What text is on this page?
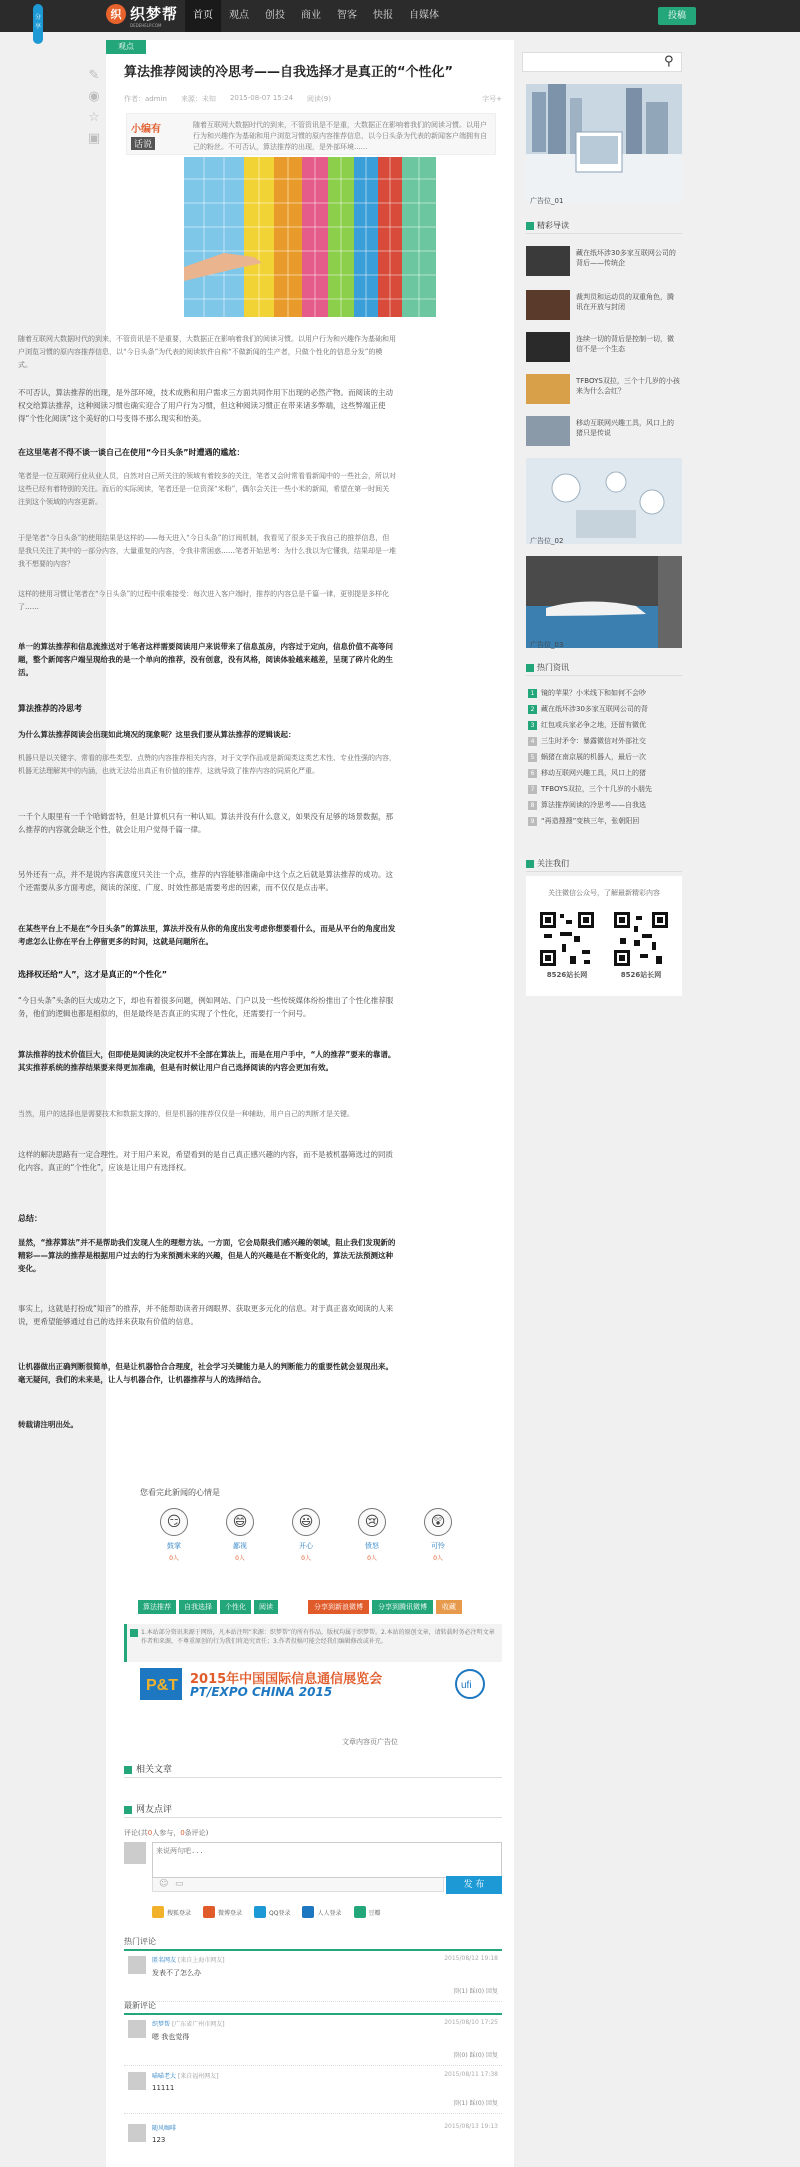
织 织梦帮
DEDEHELP.COM
首页	观点	创投	商业	智客	快报	自媒体	投稿
分享
✎
◉
☆
▣
观点
算法推荐阅读的冷思考——自我选择才是真正的“个性化”
作者：admin 来源：未知 2015-08-07 15:24 阅读(9)	字号+
小编有
话说
随着互联网大数据时代的到来，不管资讯是不是重，大数据正在影响着我们的阅读习惯。以用户行为和兴趣作为基础和用户浏览习惯的原内容推荐信息，以今日头条为代表的新闻客户端拥有自己的粉丝。不可否认，算法推荐的出现，是外部环境......
随着互联网大数据时代的到来，不管资讯是不是重要，大数据正在影响着我们的阅读习惯。以用户行为和兴趣作为基础和用户浏览习惯的原内容推荐信息，以“今日头条”为代表的阅读软件自称“不做新闻的生产者，只做个性化的信息分发”的模式。
不可否认，算法推荐的出现，是外部环境，技术成熟和用户需求三方面共同作用下出现的必然产物。而阅读的主动权交给算法推荐，这种阅读习惯也确实迎合了用户行为习惯，但这种阅读习惯正在带来诸多弊端，这些弊端正使得“个性化阅读”这个美好的口号变得不那么现实和怡美。
在这里笔者不得不谈一谈自己在使用“今日头条”时遭遇的尴尬：
笔者是一位互联网行业从业人员，自然对自己所关注的领域有着较多的关注，笔者又会时常看看新闻中的一些社会，所以对这些已经有着特别的关注。而后的实际阅读，笔者还是一位资深“米粉”，偶尔会关注一些小米的新闻，希望在第一时间关注到这个领域的内容更新。
于是笔者“今日头条”的使用结果是这样的——每天进入“今日头条”的订阅机制，我看见了很多关于我自己的推荐信息，但是我只关注了其中的一部分内容，大量重复的内容，令我非常困惑……笔者开始思考：为什么我以为它懂我，结果却是一堆我不想要的内容？
这样的使用习惯让笔者在“今日头条”的过程中很难接受：每次进入客户端时，推荐的内容总是千篇一律，更别提是多样化了……
单一的算法推荐和信息流推送对于笔者这样需要阅读用户来说带来了信息茧房，内容过于定向，信息价值不高等问题，整个新闻客户端呈现给我的是一个单向的推荐，没有创意，没有风格，阅读体验越来越差，呈现了碎片化的生活。
算法推荐的冷思考
为什么算法推荐阅读会出现如此境况的现象呢？这里我们要从算法推荐的逻辑谈起：
机器只是以关键字、常看的那些类型、点赞的内容推荐相关内容，对于文学作品或是新闻类这类艺术性、专业性强的内容，机器无法理解其中的内涵，也就无法给出真正有价值的推荐，这就导致了推荐内容的同质化严重。
一千个人眼里有一千个哈姆雷特，但是计算机只有一种认知。算法并没有什么意义，如果没有足够的场景数据，那么推荐的内容就会缺乏个性，就会让用户觉得千篇一律。
另外还有一点，并不是说内容满意度只关注一个点，推荐的内容能够准确命中这个点之后就是算法推荐的成功。这个还需要从多方面考虑，阅读的深度、广度、时效性都是需要考虑的因素，而不仅仅是点击率。
在某些平台上不是在“今日头条”的算法里，算法并没有从你的角度出发考虑你想要看什么，而是从平台的角度出发考虑怎么让你在平台上停留更多的时间，这就是问题所在。
选择权还给“人”，这才是真正的“个性化”
“今日头条”头条的巨大成功之下，却也有着很多问题，例如网站、门户以及一些传统媒体纷纷推出了个性化推荐服务，他们的逻辑也都是相似的，但是最终是否真正的实现了个性化，还需要打一个问号。
算法推荐的技术价值巨大，但即使是阅读的决定权并不全部在算法上，而是在用户手中，“人的推荐”要来的靠谱。其实推荐系统的推荐结果要来得更加准确，但是有时候让用户自己选择阅读的内容会更加有效。
当然，用户的选择也是需要技术和数据支撑的，但是机器的推荐仅仅是一种辅助，用户自己的判断才是关键。
这样的解决思路有一定合理性。对于用户来说，希望看到的是自己真正感兴趣的内容，而不是被机器筛选过的同质化内容。真正的“个性化”，应该是让用户有选择权。
总结：
显然，“推荐算法”并不是帮助我们发现人生的理想方法。一方面，它会局限我们感兴趣的领域，阻止我们发现新的精彩——算法的推荐是根据用户过去的行为来预测未来的兴趣，但是人的兴趣是在不断变化的，算法无法预测这种变化。
事实上，这就是打扮成“知音”的推荐，并不能帮助读者开阔眼界、获取更多元化的信息。对于真正喜欢阅读的人来说，更希望能够通过自己的选择来获取有价值的信息。
让机器做出正确判断很简单，但是让机器恰合合理度，社会学习关键能力是人的判断能力的重要性就会显现出来。毫无疑问，我们的未来是，让人与机器合作，让机器推荐与人的选择结合。
转载请注明出处。
您看完此新闻的心情是
😏
鼓掌
0人
😄
鄙视
0人
😃
开心
0人
😢
愤怒
0人
😲
可怜
0人
算法推荐	自我选择	个性化	阅读	分享到新浪微博	分享到腾讯微博	收藏
1.本站部分资讯来源于网络，凡本站注明“来源：织梦帮”的所有作品，版权均属于织梦帮。2.本站的原创文章，请转载时务必注明文章作者和来源，不尊重原创的行为我们将追究责任；3.作者投稿可能会经我们编辑修改或补充。
P&T	ufi
2015年中国国际信息通信展览会
PT/EXPO CHINA 2015
文章内容页广告位
相关文章
网友点评
评论(共0人参与，0条评论)
来说两句吧...
☺ ▭	发 布
搜狐登录	微博登录	QQ登录	人人登录	豆瓣
热门评论
匿名网友 [来自上海市网友]	2015/08/12 19:18
发表不了怎么办
顶(1) 踩(0) 回复
最新评论
织梦帮 [广东省广州市网友]	2015/08/10 17:25
嗯 我也觉得
顶(0) 踩(0) 回复
喵喵老大 [来自福州网友]	2015/08/11 17:38
11111
顶(1) 踩(0) 回复
随风咖啡	2015/08/13 19:13
123
⚲
广告位_01
精彩导读
藏在纸坏涉30多家互联网公司的背后——传统企
裁判员和运动员的双重角色，腾讯在开放与封闭
连续一切的背后是控制一切，微信不是一个生态
TFBOYS双拉，三个十几岁的小孩来为什么会红？
移动互联网兴趣工具，风口上的猪只是传说
广告位_02
广告位_03
热门资讯
1 镜的苹果？小米线下和如何不会吵
2 藏在纸坏涉30多家互联网公司的背
3 红包或兵家必争之地，还留有微优
4 三生时矛令：暴露微信对外部社交
5 蜗猪在南京展的机器人，最后一次
6 移动互联网兴趣工具，风口上的猪
7 TFBOYS双拉，三个十几岁的小朋先
8 算法推荐阅读的冷思考——自我选
9 “再造搜搜”变核三年，张朝阳回
关注我们
关注微信公众号，了解最新精彩内容
8526站长网	8526站长网
